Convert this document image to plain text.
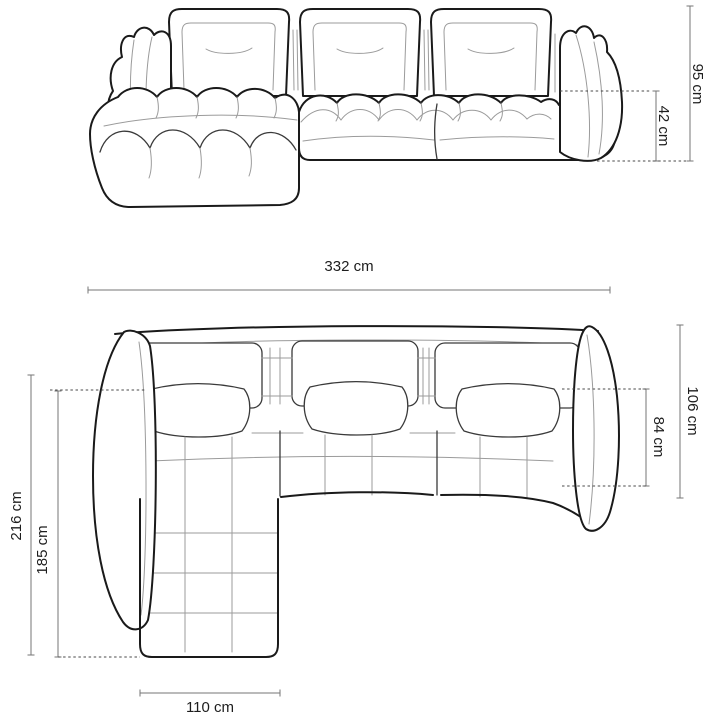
95 cm
42 cm
332 cm
216 cm
185 cm
106 cm
84 cm
110 cm
